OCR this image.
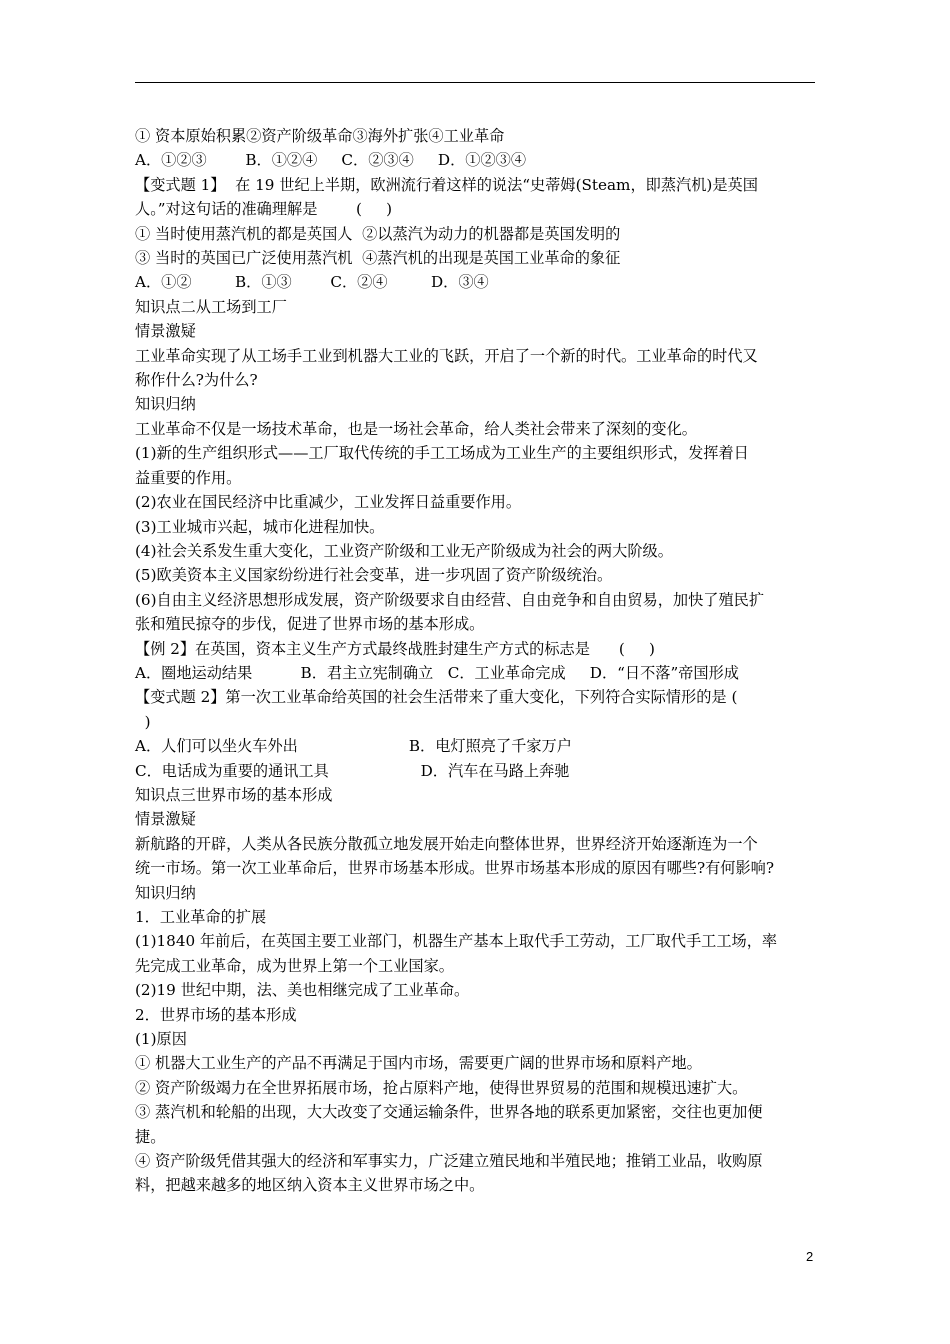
① 资本原始积累②资产阶级革命③海外扩张④工业革命
A．①②③        B．①②④     C．②③④     D．①②③④
【变式题 1】  在 19 世纪上半期，欧洲流行着这样的说法“史蒂姆(Steam，即蒸汽机)是英国
人。”对这句话的准确理解是        (     )
① 当时使用蒸汽机的都是英国人  ②以蒸汽为动力的机器都是英国发明的
③ 当时的英国已广泛使用蒸汽机  ④蒸汽机的出现是英国工业革命的象征
A．①②         B．①③        C．②④         D．③④
知识点二从工场到工厂
情景激疑
工业革命实现了从工场手工业到机器大工业的飞跃，开启了一个新的时代。工业革命的时代又
称作什么?为什么?
知识归纳
工业革命不仅是一场技术革命，也是一场社会革命，给人类社会带来了深刻的变化。
(1)新的生产组织形式——工厂取代传统的手工工场成为工业生产的主要组织形式，发挥着日
益重要的作用。
(2)农业在国民经济中比重减少，工业发挥日益重要作用。
(3)工业城市兴起，城市化进程加快。
(4)社会关系发生重大变化，工业资产阶级和工业无产阶级成为社会的两大阶级。
(5)欧美资本主义国家纷纷进行社会变革，进一步巩固了资产阶级统治。
(6)自由主义经济思想形成发展，资产阶级要求自由经营、自由竞争和自由贸易，加快了殖民扩
张和殖民掠夺的步伐，促进了世界市场的基本形成。
【例 2】在英国，资本主义生产方式最终战胜封建生产方式的标志是      (     )
A．圈地运动结果          B．君主立宪制确立   C．工业革命完成     D．“日不落”帝国形成
【变式题 2】第一次工业革命给英国的社会生活带来了重大变化，下列符合实际情形的是 (
)
A．人们可以坐火车外出                       B．电灯照亮了千家万户
C．电话成为重要的通讯工具                   D．汽车在马路上奔驰
知识点三世界市场的基本形成
情景激疑
新航路的开辟，人类从各民族分散孤立地发展开始走向整体世界，世界经济开始逐渐连为一个
统一市场。第一次工业革命后，世界市场基本形成。世界市场基本形成的原因有哪些?有何影响?
知识归纳
1．工业革命的扩展
(1)1840 年前后，在英国主要工业部门，机器生产基本上取代手工劳动，工厂取代手工工场，率
先完成工业革命，成为世界上第一个工业国家。
(2)19 世纪中期，法、美也相继完成了工业革命。
2．世界市场的基本形成
(1)原因
① 机器大工业生产的产品不再满足于国内市场，需要更广阔的世界市场和原料产地。
② 资产阶级竭力在全世界拓展市场，抢占原料产地，使得世界贸易的范围和规模迅速扩大。
③ 蒸汽机和轮船的出现，大大改变了交通运输条件，世界各地的联系更加紧密，交往也更加便
捷。
④ 资产阶级凭借其强大的经济和军事实力，广泛建立殖民地和半殖民地；推销工业品，收购原
料，把越来越多的地区纳入资本主义世界市场之中。
2
